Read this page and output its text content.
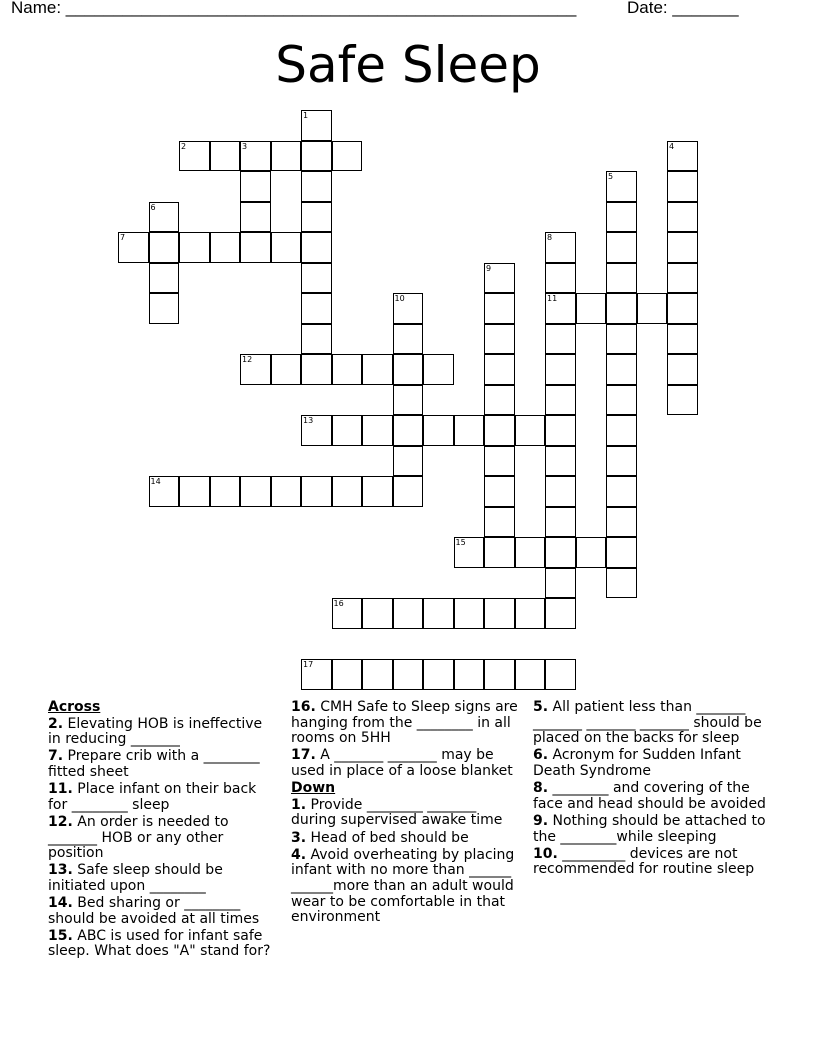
Name: ______________________________________________________	Date: _______
Safe Sleep
1
2	3	4
5
6
7	8
11
9
10
12
13
14
15
16
17
Across

2. Elevating HOB is ineffective in reducing _______

7. Prepare crib with a ________ fitted sheet

11. Place infant on their back for ________ sleep

12. An order is needed to _______ HOB or any other position

13. Safe sleep should be initiated upon ________

14. Bed sharing or ________ should be avoided at all times

15. ABC is used for infant safe sleep. What does "A" stand for?

16. CMH Safe to Sleep signs are hanging from the ________ in all rooms on 5HH

17. A _______ _______ may be used in place of a loose blanket

Down

1. Provide ________ _______ during supervised awake time

3. Head of bed should be

4. Avoid overheating by placing infant with no more than ______ ______more than an adult would wear to be comfortable in that environment

5. All patient less than _______ _______ _______ _______ should be placed on the backs for sleep

6. Acronym for Sudden Infant Death Syndrome

8. ________ and covering of the face and head should be avoided

9. Nothing should be attached to the ________while sleeping

10. _________ devices are not recommended for routine sleep
